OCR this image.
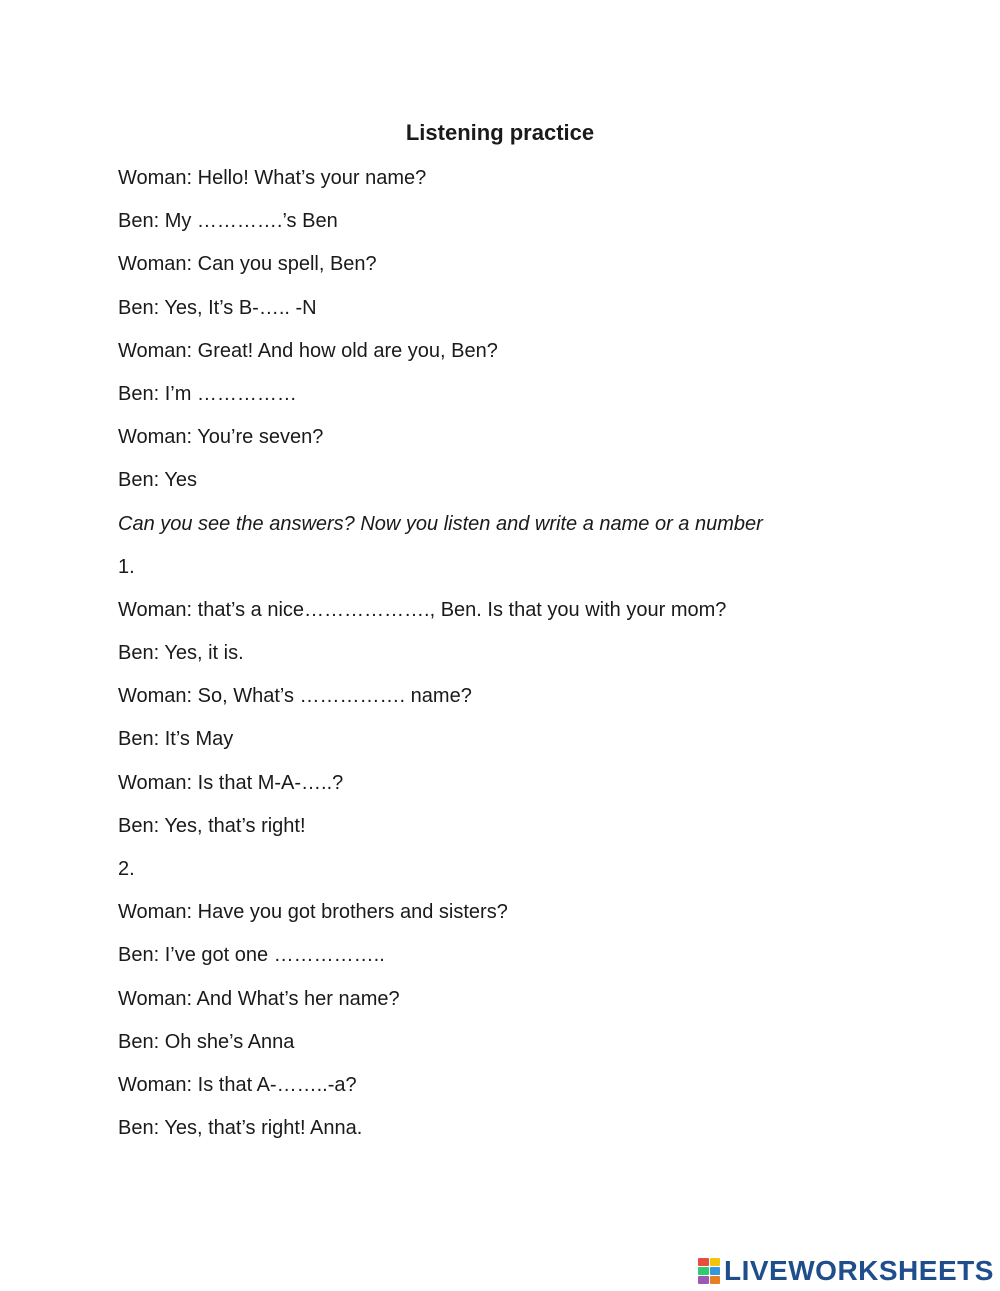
Listening practice
Woman: Hello! What’s your name?
Ben: My ………….’s Ben
Woman: Can you spell, Ben?
Ben: Yes, It’s B-….. -N
Woman: Great! And how old are you, Ben?
Ben: I’m ……………
Woman: You’re seven?
Ben: Yes
Can you see the answers? Now you listen and write a name or a number
1.
Woman: that’s a nice………………., Ben. Is that you with your mom?
Ben: Yes, it is.
Woman: So, What’s ……………. name?
Ben: It’s May
Woman: Is that M-A-…..?
Ben: Yes, that’s right!
2.
Woman: Have you got brothers and sisters?
Ben: I’ve got one ……………..
Woman: And What’s her name?
Ben: Oh she’s Anna
Woman: Is that A-……..-a?
Ben: Yes, that’s right! Anna.
LIVEWORKSHEETS
